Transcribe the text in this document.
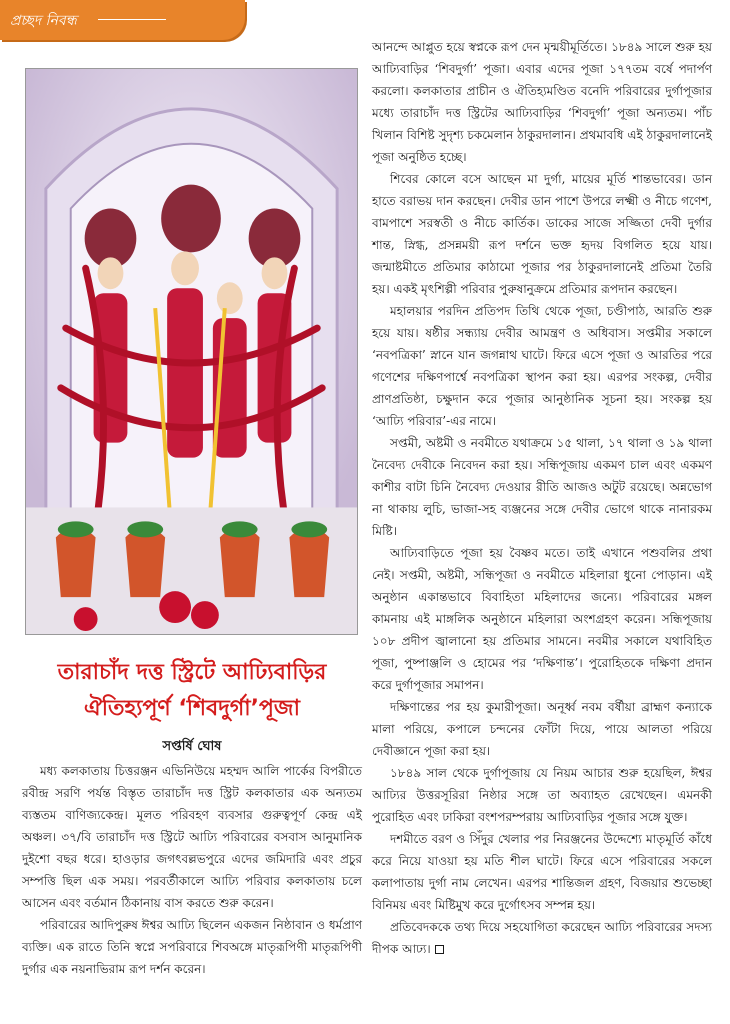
প্রচ্ছদ নিবন্ধ
তারাচাঁদ দত্ত স্ট্রিটে আঢ্যিবাড়ির
ঐতিহ্যপূর্ণ ‘শিবদুর্গা’পূজা
সপ্তর্ষি ঘোষ

মধ্য কলকাতায় চিত্তরঞ্জন এভিনিউয়ে মহম্মদ আলি পার্কের বিপরীতে রবীন্দ্র সরণি পর্যন্ত বিস্তৃত তারাচাঁদ দত্ত স্ট্রিট কলকাতার এক অন্যতম ব্যস্ততম বাণিজ্যকেন্দ্র। মূলত পরিবহণ ব্যবসার গুরুত্বপূর্ণ কেন্দ্র এই অঞ্চল। ৩৭/বি তারাচাঁদ দত্ত স্ট্রিটে আঢ্যি পরিবারের বসবাস আনুমানিক দুইশো বছর ধরে। হাওড়ার জগৎবল্লভপুরে এদের জমিদারি এবং প্রচুর সম্পত্তি ছিল এক সময়। পরবর্তীকালে আঢ্যি পরিবার কলকাতায় চলে আসেন এবং বর্তমান ঠিকানায় বাস করতে শুরু করেন।

পরিবারের আদিপুরুষ ঈশ্বর আঢ্যি ছিলেন একজন নিষ্ঠাবান ও ধর্মপ্রাণ ব্যক্তি। এক রাতে তিনি স্বপ্নে সপরিবারে শিবঅঙ্গে মাতৃরূপিণী মাতৃরূপিণী দুর্গার এক নয়নাভিরাম রূপ দর্শন করেন।

আনন্দে আপ্লুত হয়ে স্বপ্নকে রূপ দেন মৃন্ময়ীমূর্তিতে। ১৮৪৯ সালে শুরু হয় আঢ্যিবাড়ির ‘শিবদুর্গা’ পূজা। এবার এদের পূজা ১৭৭তম বর্ষে পদার্পণ করলো। কলকাতার প্রাচীন ও ঐতিহ্যমণ্ডিত বনেদি পরিবারের দুর্গাপূজার মধ্যে তারাচাঁদ দত্ত স্ট্রিটের আঢ্যিবাড়ির ‘শিবদুর্গা’ পূজা অন্যতম। পাঁচ খিলান বিশিষ্ট সুদৃশ্য চকমেলান ঠাকুরদালান। প্রথমাবধি এই ঠাকুরদালানেই পূজা অনুষ্ঠিত হচ্ছে।

শিবের কোলে বসে আছেন মা দুর্গা, মায়ের মূর্তি শান্তভাবের। ডান হাতে বরাভয় দান করছেন। দেবীর ডান পাশে উপরে লক্ষ্মী ও নীচে গণেশ, বামপাশে সরস্বতী ও নীচে কার্তিক। ডাকের সাজে সজ্জিতা দেবী দুর্গার শান্ত, স্নিগ্ধ, প্রসন্নময়ী রূপ দর্শনে ভক্ত হৃদয় বিগলিত হয়ে যায়। জন্মাষ্টমীতে প্রতিমার কাঠামো পূজার পর ঠাকুরদালানেই প্রতিমা তৈরি হয়। একই মৃৎশিল্পী পরিবার পুরুষানুক্রমে প্রতিমার রূপদান করছেন।

মহালয়ার পরদিন প্রতিপদ তিথি থেকে পূজা, চণ্ডীপাঠ, আরতি শুরু হয়ে যায়। ষষ্ঠীর সন্ধ্যায় দেবীর আমন্ত্রণ ও অধিবাস। সপ্তমীর সকালে ‘নবপত্রিকা’ স্নানে যান জগন্নাথ ঘাটে। ফিরে এসে পূজা ও আরতির পরে গণেশের দক্ষিণপার্শ্বে নবপত্রিকা স্থাপন করা হয়। এরপর সংকল্প, দেবীর প্রাণপ্রতিষ্ঠা, চক্ষুদান করে পূজার আনুষ্ঠানিক সূচনা হয়। সংকল্প হয় ‘আঢ্যি পরিবার’-এর নামে।

সপ্তমী, অষ্টমী ও নবমীতে যথাক্রমে ১৫ থালা, ১৭ থালা ও ১৯ থালা নৈবেদ্য দেবীকে নিবেদন করা হয়। সন্ধিপূজায় একমণ চাল এবং একমণ কাশীর বাটা চিনি নৈবেদ্য দেওয়ার রীতি আজও অটুট রয়েছে। অন্নভোগ না থাকায় লুচি, ভাজা-সহ ব্যঞ্জনের সঙ্গে দেবীর ভোগে থাকে নানারকম মিষ্টি।

আঢ্যিবাড়িতে পূজা হয় বৈষ্ণব মতে। তাই এখানে পশুবলির প্রথা নেই। সপ্তমী, অষ্টমী, সন্ধিপূজা ও নবমীতে মহিলারা ধুনো পোড়ান। এই অনুষ্ঠান একান্তভাবে বিবাহিতা মহিলাদের জন্যে। পরিবারের মঙ্গল কামনায় এই মাঙ্গলিক অনুষ্ঠানে মহিলারা অংশগ্রহণ করেন। সন্ধিপূজায় ১০৮ প্রদীপ জ্বালানো হয় প্রতিমার সামনে। নবমীর সকালে যথাবিহিত পূজা, পুষ্পাঞ্জলি ও হোমের পর ‘দক্ষিণান্ত’। পুরোহিতকে দক্ষিণা প্রদান করে দুর্গাপূজার সমাপন।

দক্ষিণান্তের পর হয় কুমারীপূজা। অনূর্ধ্ব নবম বর্ষীয়া ব্রাহ্মণ কন্যাকে মালা পরিয়ে, কপালে চন্দনের ফোঁটা দিয়ে, পায়ে আলতা পরিয়ে দেবীজ্ঞানে পূজা করা হয়।

১৮৪৯ সাল থেকে দুর্গাপূজায় যে নিয়ম আচার শুরু হয়েছিল, ঈশ্বর আঢ্যির উত্তরসূরিরা নিষ্ঠার সঙ্গে তা অব্যাহত রেখেছেন। এমনকী পুরোহিত এবং ঢাকিরা বংশপরম্পরায় আঢ্যিবাড়ির পূজার সঙ্গে যুক্ত।

দশমীতে বরণ ও সিঁদুর খেলার পর নিরঞ্জনের উদ্দেশ্যে মাতৃমূর্তি কাঁধে করে নিয়ে যাওয়া হয় মতি শীল ঘাটে। ফিরে এসে পরিবারের সকলে কলাপাতায় দুর্গা নাম লেখেন। এরপর শান্তিজল গ্রহণ, বিজয়ার শুভেচ্ছা বিনিময় এবং মিষ্টিমুখ করে দুর্গোৎসব সম্পন্ন হয়।

প্রতিবেদককে তথ্য দিয়ে সহযোগিতা করেছেন আঢ্যি পরিবারের সদস্য দীপক আঢ্য।
